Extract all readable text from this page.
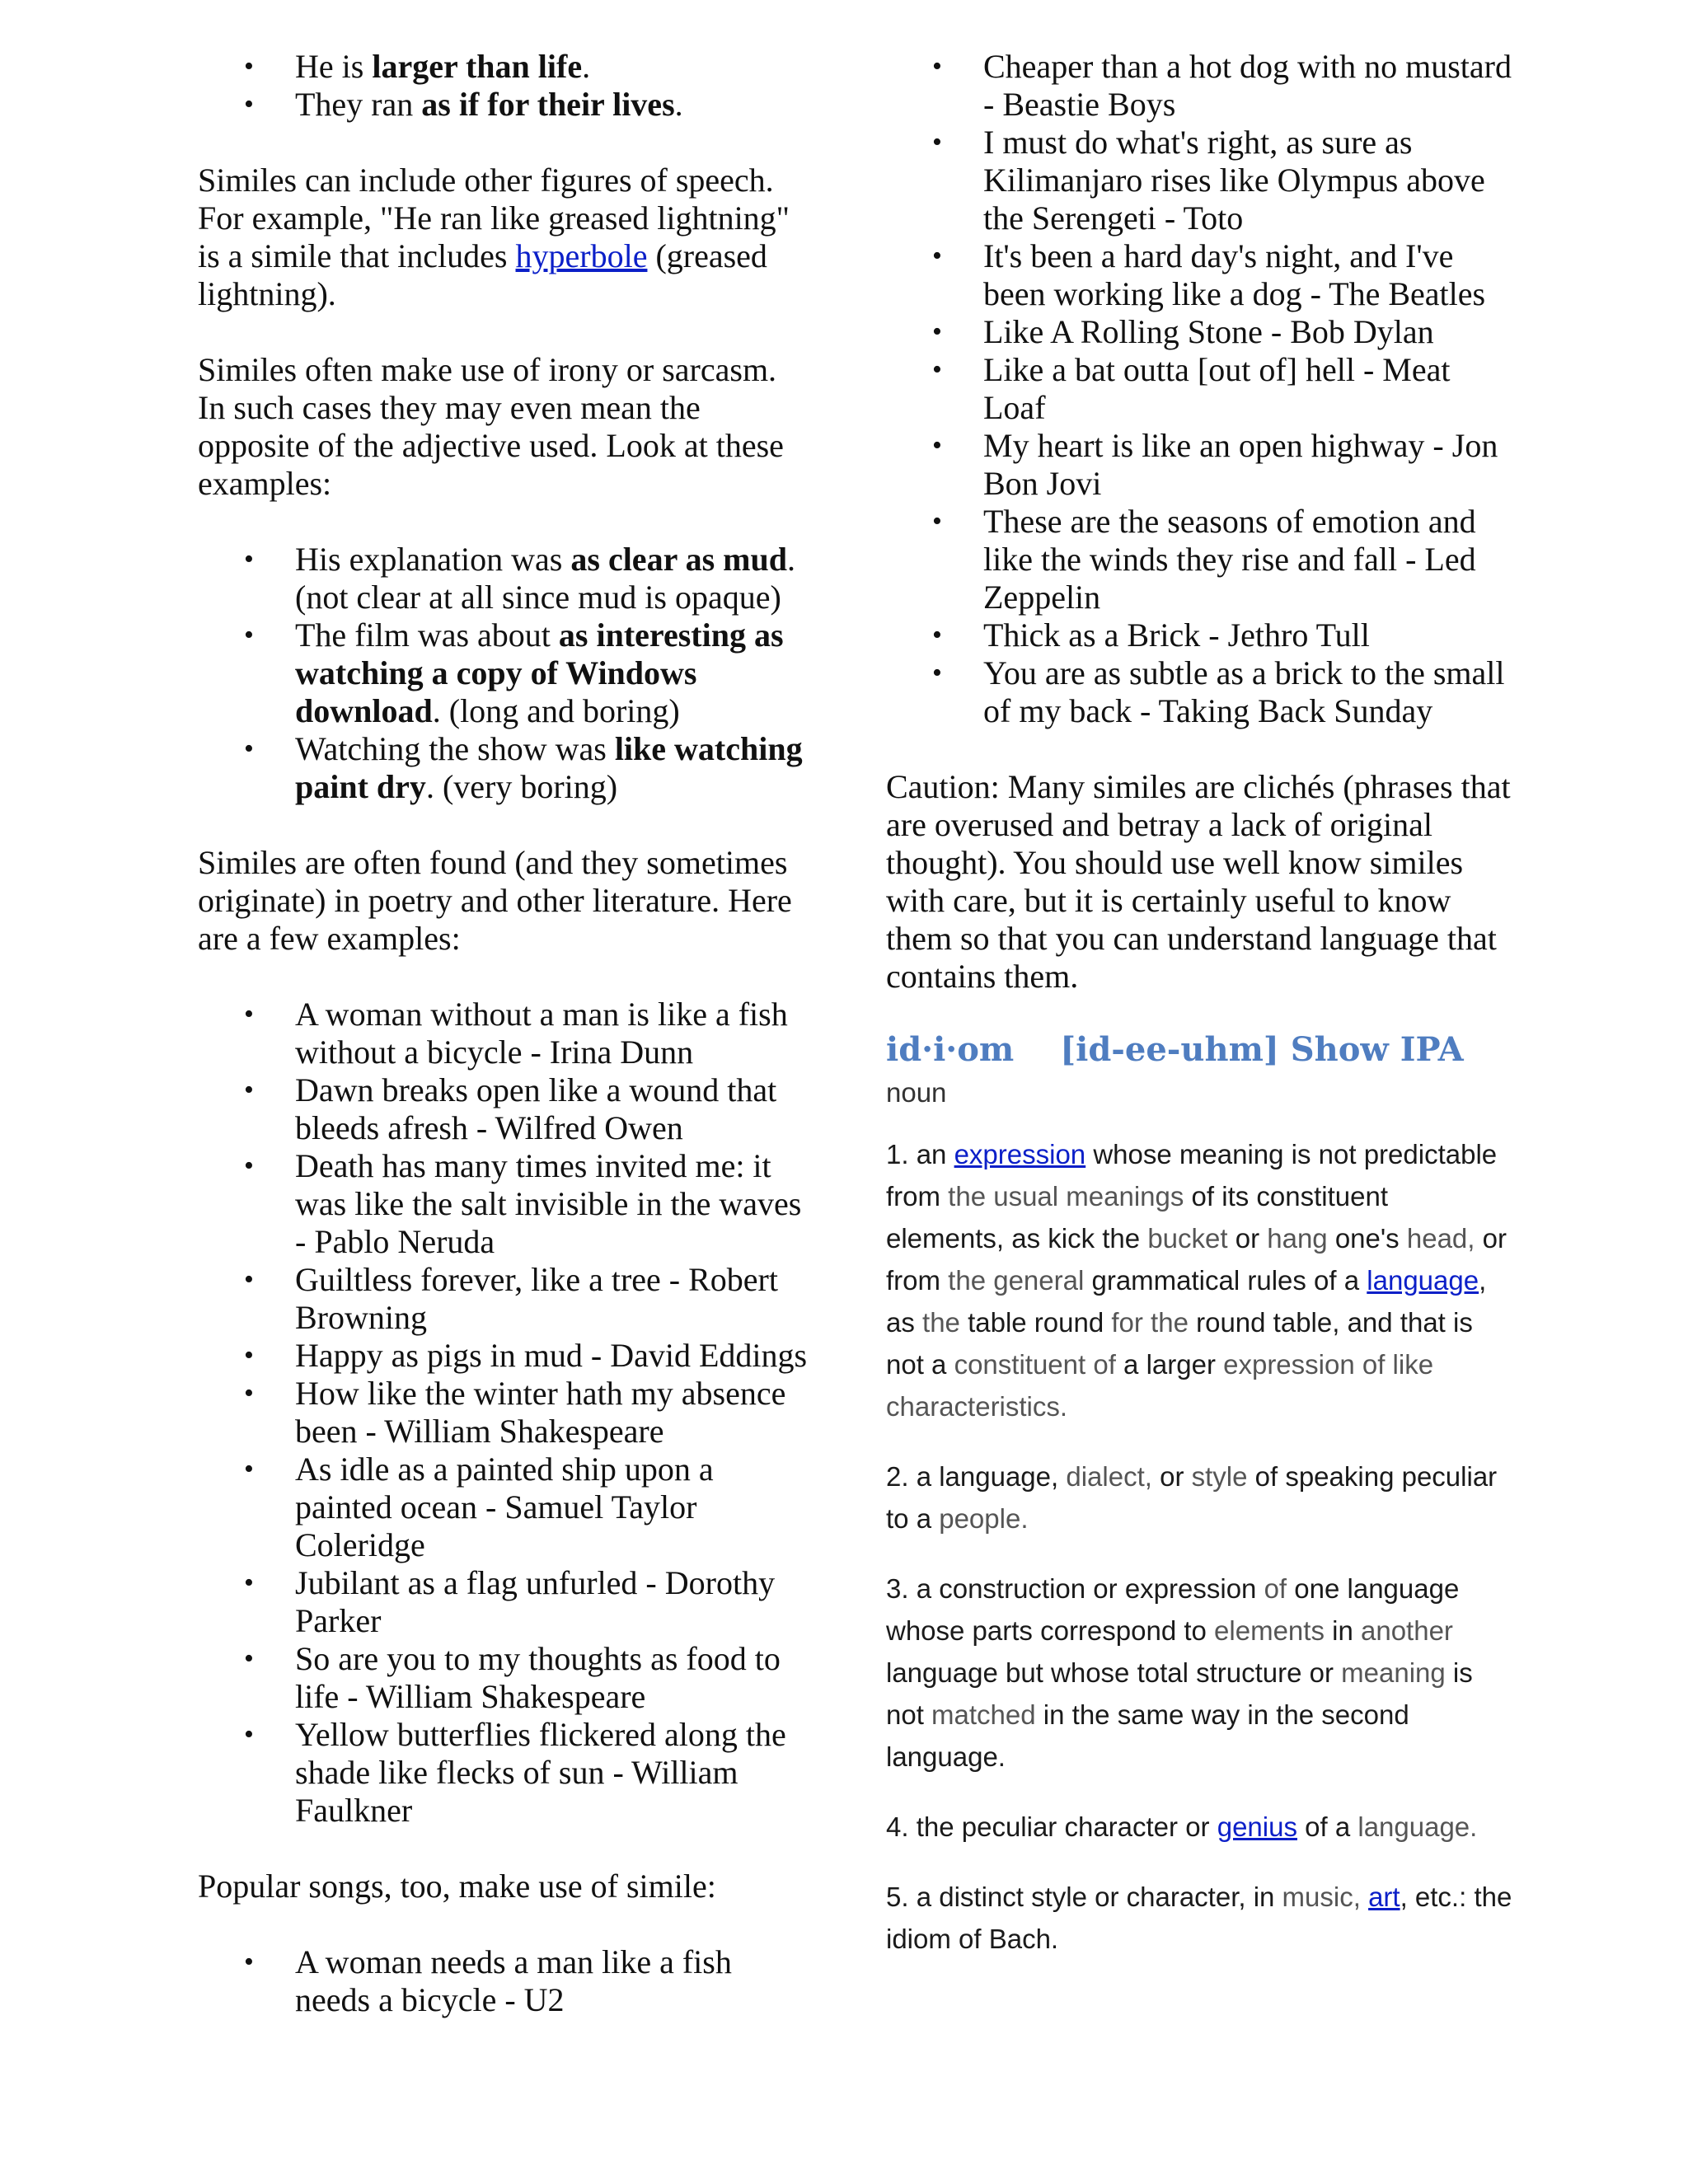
• He is larger than life.
• They ran as if for their lives.

Similes can include other figures of speech. For example, "He ran like greased lightning" is a simile that includes hyperbole (greased lightning).

Similes often make use of irony or sarcasm. In such cases they may even mean the opposite of the adjective used. Look at these examples:

• His explanation was as clear as mud. (not clear at all since mud is opaque)
• The film was about as interesting as watching a copy of Windows download. (long and boring)
• Watching the show was like watching paint dry. (very boring)

Similes are often found (and they sometimes originate) in poetry and other literature. Here are a few examples:

• A woman without a man is like a fish without a bicycle - Irina Dunn
• Dawn breaks open like a wound that bleeds afresh - Wilfred Owen
• Death has many times invited me: it was like the salt invisible in the waves - Pablo Neruda
• Guiltless forever, like a tree - Robert Browning
• Happy as pigs in mud - David Eddings
• How like the winter hath my absence been - William Shakespeare
• As idle as a painted ship upon a painted ocean - Samuel Taylor Coleridge
• Jubilant as a flag unfurled - Dorothy Parker
• So are you to my thoughts as food to life - William Shakespeare
• Yellow butterflies flickered along the shade like flecks of sun - William Faulkner

Popular songs, too, make use of simile:

• A woman needs a man like a fish needs a bicycle - U2
• Cheaper than a hot dog with no mustard - Beastie Boys
• I must do what's right, as sure as Kilimanjaro rises like Olympus above the Serengeti - Toto
• It's been a hard day's night, and I've been working like a dog - The Beatles
• Like A Rolling Stone - Bob Dylan
• Like a bat outta [out of] hell - Meat Loaf
• My heart is like an open highway - Jon Bon Jovi
• These are the seasons of emotion and like the winds they rise and fall - Led Zeppelin
• Thick as a Brick - Jethro Tull
• You are as subtle as a brick to the small of my back - Taking Back Sunday

Caution: Many similes are clichés (phrases that are overused and betray a lack of original thought). You should use well know similes with care, but it is certainly useful to know them so that you can understand language that contains them.

id·i·om [id-ee-uhm] Show IPA
noun

1. an expression whose meaning is not predictable from the usual meanings of its constituent elements, as kick the bucket or hang one's head, or from the general grammatical rules of a language, as the table round for the round table, and that is not a constituent of a larger expression of like characteristics.

2. a language, dialect, or style of speaking peculiar to a people.

3. a construction or expression of one language whose parts correspond to elements in another language but whose total structure or meaning is not matched in the same way in the second language.

4. the peculiar character or genius of a language.

5. a distinct style or character, in music, art, etc.: the idiom of Bach.
